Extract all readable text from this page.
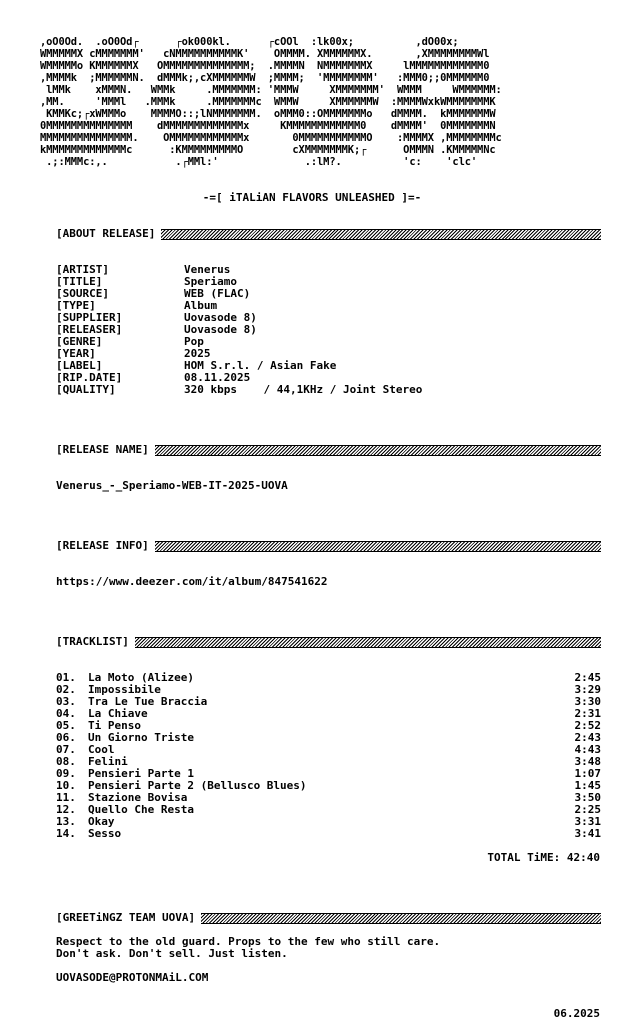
,oO0Od.  .oO0Od┌      ┌ok000kl.      ┌cOOl  :lk00x;          ,dO00x;
WMMMMMX cMMMMMMM'   cNMMMMMMMMMMK'    OMMMM. XMMMMMMX.       ,XMMMMMMMMWl
WMMMMMo KMMMMMMX   OMMMMMMMMMMMMMM;  .MMMMN  NMMMMMMMX     lMMMMMMMMMMMM0
,MMMMk  ;MMMMMMN.  dMMMk;,cXMMMMMMW  ;MMMM;  'MMMMMMMM'   :MMM0;;0MMMMMM0
lMMk    xMMMN.   WMMk     .MMMMMMM: 'MMMW     XMMMMMMM'  WMMM     WMMMMMM:
,MM.     'MMMl   .MMMk     .MMMMMMMc  WMMW     XMMMMMMW  :MMMMWxkWMMMMMMMK
KMMKc;┌xWMMMo    MMMMO::;lNMMMMMMM.  oMMM0::OMMMMMMMo   dMMMM.  kMMMMMMMW
0MMMMMMMMMMMMMM    dMMMMMMMMMMMMMx     KMMMMMMMMMMMM0    dMMMM'  0MMMMMMMN
MMMMMMMMMMMMMMM.    OMMMMMMMMMMMMx       0MMMMMMMMMMMO    :MMMMX ,MMMMMMMMc
kMMMMMMMMMMMMMc      :KMMMMMMMMMO        cXMMMMMMMK;┌      OMMMN .KMMMMMNc
.;:MMMc:,.           .┌MMl:'              .:lM?.          'c:    'clc'
-=[ iTALiAN FLAVORS UNLEASHED ]=-
[ABOUT RELEASE]
[ARTIST]	Venerus
[TITLE]	Speriamo
[SOURCE]	WEB (FLAC)
[TYPE]	Album
[SUPPLIER]	Uovasode 8)
[RELEASER]	Uovasode 8)
[GENRE]	Pop
[YEAR]	2025
[LABEL]	HOM S.r.l. / Asian Fake
[RIP.DATE]	08.11.2025
[QUALITY]	320 kbps    / 44,1KHz / Joint Stereo
[RELEASE NAME]
Venerus_-_Speriamo-WEB-IT-2025-UOVA
[RELEASE INFO]
https://www.deezer.com/it/album/847541622
[TRACKLIST]
01.	La Moto (Alizee)	2:45
02.	Impossibile	3:29
03.	Tra Le Tue Braccia	3:30
04.	La Chiave	2:31
05.	Ti Penso	2:52
06.	Un Giorno Triste	2:43
07.	Cool	4:43
08.	Felini	3:48
09.	Pensieri Parte 1	1:07
10.	Pensieri Parte 2 (Bellusco Blues)	1:45
11.	Stazione Bovisa	3:50
12.	Quello Che Resta	2:25
13.	Okay	3:31
14.	Sesso	3:41
TOTAL TiME: 42:40
[GREETiNGZ TEAM UOVA]
Respect to the old guard. Props to the few who still care.
Don't ask. Don't sell. Just listen.
UOVASODE@PROTONMAiL.COM
06.2025
